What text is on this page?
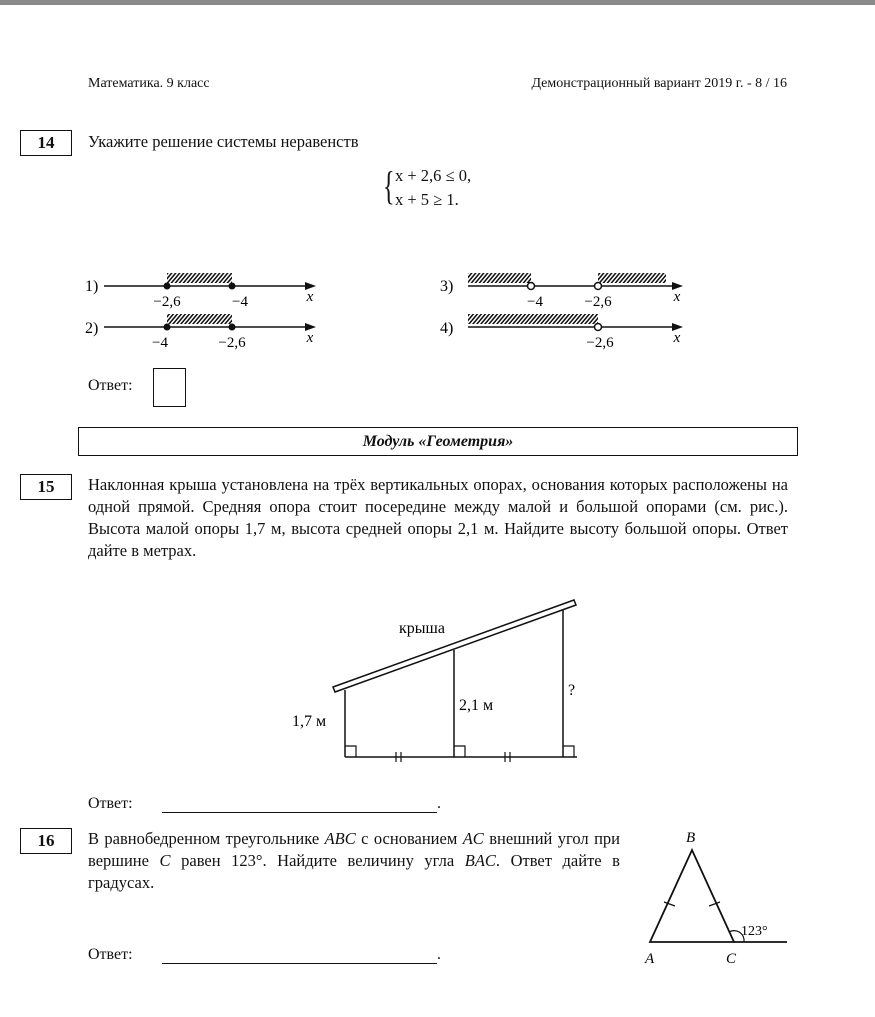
Математика. 9 класс	Демонстрационный вариант 2019 г. - 8 / 16
14	Укажите решение системы неравенств
{ x + 2,6 ≤ 0,
x + 5 ≥ 1.
1)
−2,6	−4	x
2)
−4	−2,6	x
3)
−4	−2,6	x
4)
−2,6	x
Ответ:
Модуль «Геометрия»
15	Наклонная крыша установлена на трёх вертикальных опорах, основания которых расположены на одной прямой. Средняя опора стоит посередине между малой и большой опорами (см. рис.). Высота малой опоры 1,7 м, высота средней опоры 2,1 м. Найдите высоту большой опоры. Ответ дайте в метрах.
крыша
1,7 м
2,1 м
?
Ответ:	.
16	В равнобедренном треугольнике ABC с основанием AC внешний угол при вершине C равен 123°. Найдите величину угла BAC. Ответ дайте в градусах.
B
A	C
123°
Ответ:	.
